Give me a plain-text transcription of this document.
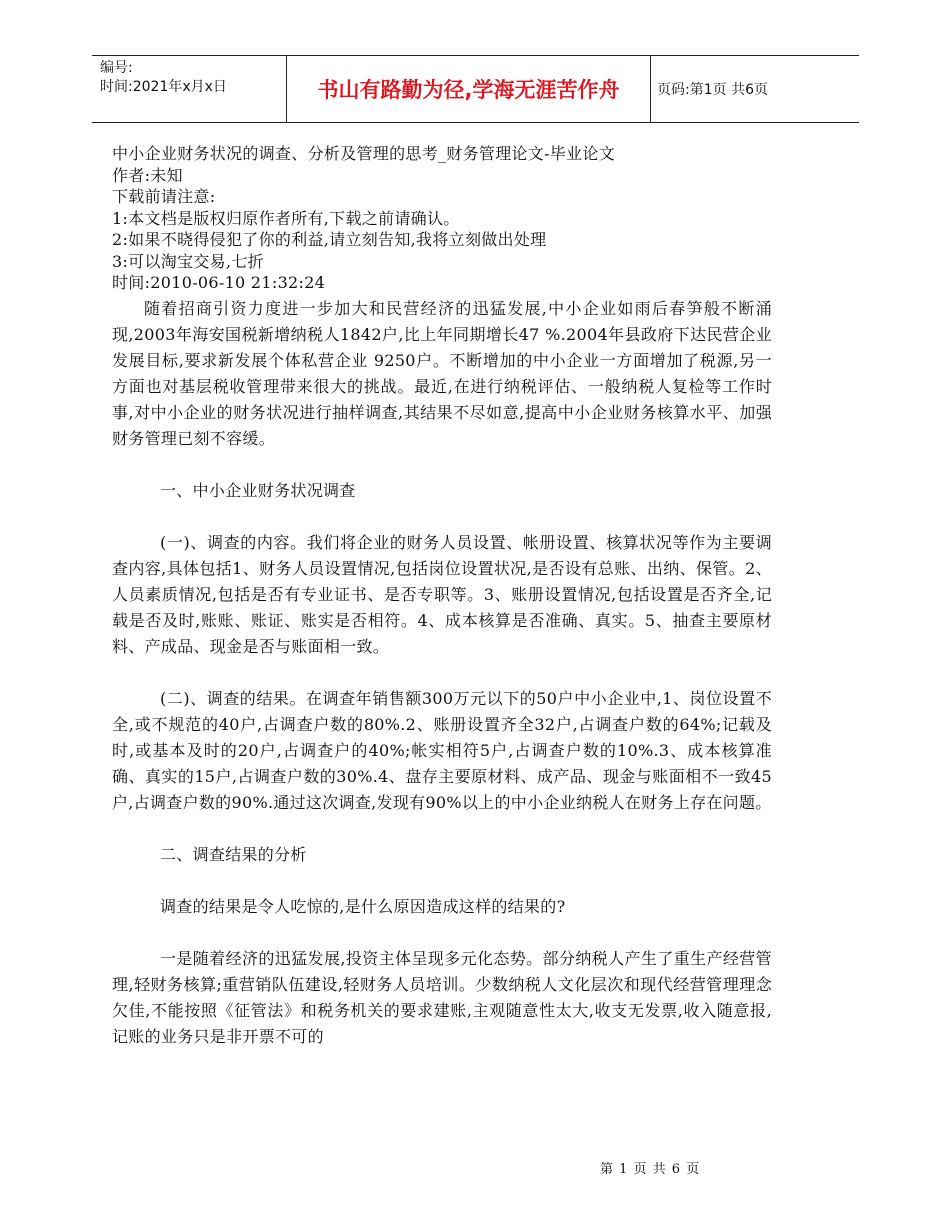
编号:
时间:2021年x月x日	书山有路勤为径,学海无涯苦作舟	页码:第1页 共6页
中小企业财务状况的调查、分析及管理的思考_财务管理论文-毕业论文
作者:未知
下载前请注意:
1:本文档是版权归原作者所有,下载之前请确认。
2:如果不晓得侵犯了你的利益,请立刻告知,我将立刻做出处理
3:可以淘宝交易,七折
时间:2010-06-10 21:32:24

随着招商引资力度进一步加大和民营经济的迅猛发展,中小企业如雨后春笋般不断涌现,2003年海安国税新增纳税人1842户,比上年同期增长47 %.2004年县政府下达民营企业发展目标,要求新发展个体私营企业 9250户。不断增加的中小企业一方面增加了税源,另一方面也对基层税收管理带来很大的挑战。最近,在进行纳税评估、一般纳税人复检等工作时事,对中小企业的财务状况进行抽样调查,其结果不尽如意,提高中小企业财务核算水平、加强财务管理已刻不容缓。

一、中小企业财务状况调查

(一)、调查的内容。我们将企业的财务人员设置、帐册设置、核算状况等作为主要调查内容,具体包括1、财务人员设置情况,包括岗位设置状况,是否设有总账、出纳、保管。2、人员素质情况,包括是否有专业证书、是否专职等。3、账册设置情况,包括设置是否齐全,记载是否及时,账账、账证、账实是否相符。4、成本核算是否准确、真实。5、抽查主要原材料、产成品、现金是否与账面相一致。

(二)、调查的结果。在调查年销售额300万元以下的50户中小企业中,1、岗位设置不全,或不规范的40户,占调查户数的80%.2、账册设置齐全32户,占调查户数的64%;记载及时,或基本及时的20户,占调查户的40%;帐实相符5户,占调查户数的10%.3、成本核算准确、真实的15户,占调查户数的30%.4、盘存主要原材料、成产品、现金与账面相不一致45户,占调查户数的90%.通过这次调查,发现有90%以上的中小企业纳税人在财务上存在问题。

二、调查结果的分析

调查的结果是令人吃惊的,是什么原因造成这样的结果的?

一是随着经济的迅猛发展,投资主体呈现多元化态势。部分纳税人产生了重生产经营管理,轻财务核算;重营销队伍建设,轻财务人员培训。少数纳税人文化层次和现代经营管理理念欠佳,不能按照《征管法》和税务机关的要求建账,主观随意性太大,收支无发票,收入随意报,记账的业务只是非开票不可的

第 1 页 共 6 页
